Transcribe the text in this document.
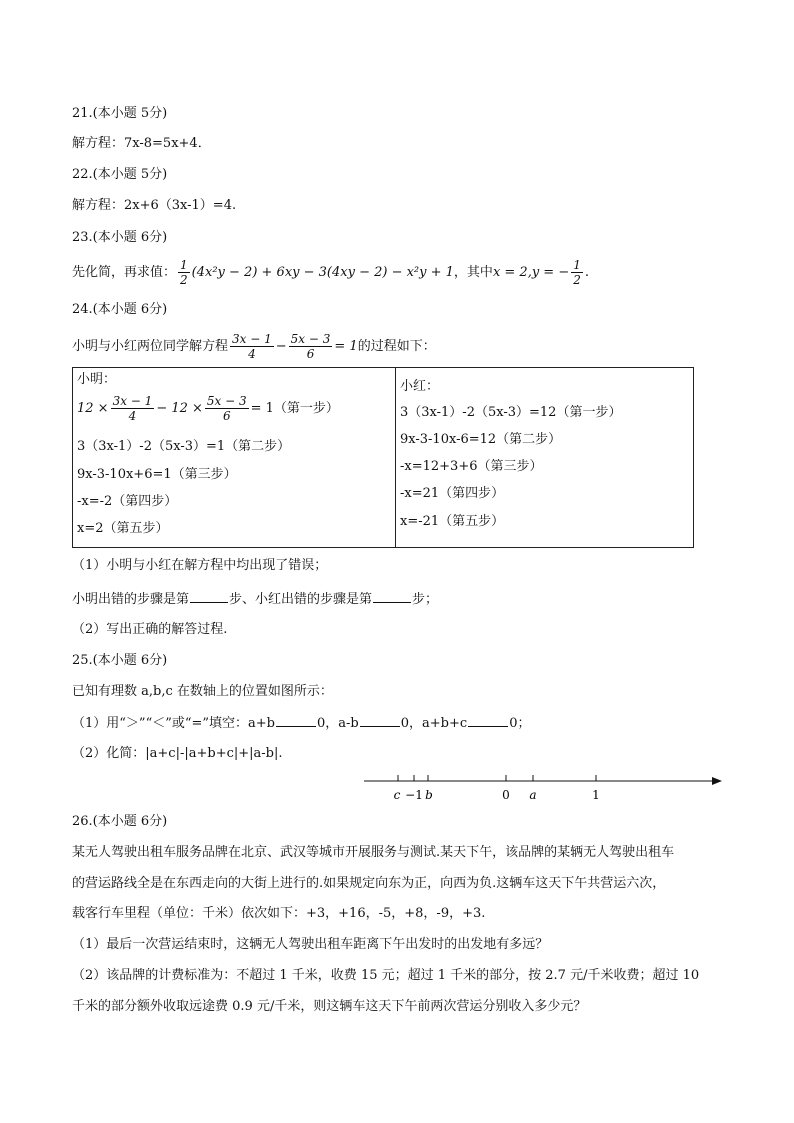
21.(本小题 5分)
解方程：7x-8=5x+4．
22.(本小题 5分)
解方程：2x+6（3x-1）=4.
23.(本小题 6分)
先化简，再求值： $\frac{1}{2} (4x^2y - 2) + 6xy - 3(4xy - 2) - x^2y + 1$，其中x = 2,y = − $\frac{1}{2}$ .
24.(本小题 6分)
小明与小红两位同学解方程 $\frac{3x - 1}{4} - \frac{5x - 3}{6} = 1$的过程如下：
小明：
$12 \times \frac{3x - 1}{4} - 12 \times \frac{5x - 3}{6} = 1$（第一步）
3（3x-1）-2（5x-3）=1（第二步）
9x-3-10x+6=1（第三步）
-x=-2（第四步）
x=2（第五步）

小红：
3（3x-1）-2（5x-3）=12（第一步）
9x-3-10x-6=12（第二步）
-x=12+3+6（第三步）
-x=21（第四步）
x=-21（第五步）
（1）小明与小红在解方程中均出现了错误；
小明出错的步骤是第	步、小红出错的步骤是第	步；
（2）写出正确的解答过程.
25.(本小题 6分)
已知有理数 a,b,c 在数轴上的位置如图所示：
（1）用“＞”“＜”或“=”填空：a+b	0，a-b	0，a+b+c	0；
（2）化简：|a+c|-|a+b+c|+|a-b|.
c −1 b	0 a	1
26.(本小题 6分)
某无人驾驶出租车服务品牌在北京、武汉等城市开展服务与测试.某天下午，该品牌的某辆无人驾驶出租车
的营运路线全是在东西走向的大街上进行的.如果规定向东为正，向西为负.这辆车这天下午共营运六次，
载客行车里程（单位：千米）依次如下：+3，+16，-5，+8，-9，+3.
（1）最后一次营运结束时，这辆无人驾驶出租车距离下午出发时的出发地有多远？
（2）该品牌的计费标准为：不超过 1 千米，收费 15 元；超过 1 千米的部分，按 2.7 元/千米收费；超过 10
千米的部分额外收取远途费 0.9 元/千米，则这辆车这天下午前两次营运分别收入多少元？
